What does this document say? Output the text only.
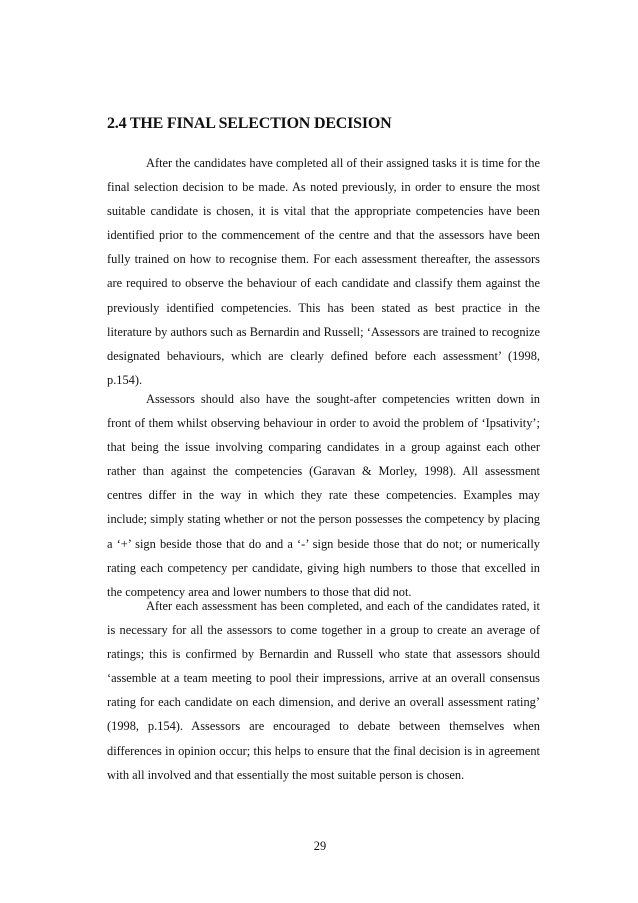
2.4 THE FINAL SELECTION DECISION

After the candidates have completed all of their assigned tasks it is time for the final selection decision to be made. As noted previously, in order to ensure the most suitable candidate is chosen, it is vital that the appropriate competencies have been identified prior to the commencement of the centre and that the assessors have been fully trained on how to recognise them. For each assessment thereafter, the assessors are required to observe the behaviour of each candidate and classify them against the previously identified competencies. This has been stated as best practice in the literature by authors such as Bernardin and Russell; ‘Assessors are trained to recognize designated behaviours, which are clearly defined before each assessment’ (1998, p.154).

Assessors should also have the sought-after competencies written down in front of them whilst observing behaviour in order to avoid the problem of ‘Ipsativity’; that being the issue involving comparing candidates in a group against each other rather than against the competencies (Garavan & Morley, 1998). All assessment centres differ in the way in which they rate these competencies. Examples may include; simply stating whether or not the person possesses the competency by placing a ‘+’ sign beside those that do and a ‘-’ sign beside those that do not; or numerically rating each competency per candidate, giving high numbers to those that excelled in the competency area and lower numbers to those that did not.

After each assessment has been completed, and each of the candidates rated, it is necessary for all the assessors to come together in a group to create an average of ratings; this is confirmed by Bernardin and Russell who state that assessors should ‘assemble at a team meeting to pool their impressions, arrive at an overall consensus rating for each candidate on each dimension, and derive an overall assessment rating’ (1998, p.154). Assessors are encouraged to debate between themselves when differences in opinion occur; this helps to ensure that the final decision is in agreement with all involved and that essentially the most suitable person is chosen.

29
